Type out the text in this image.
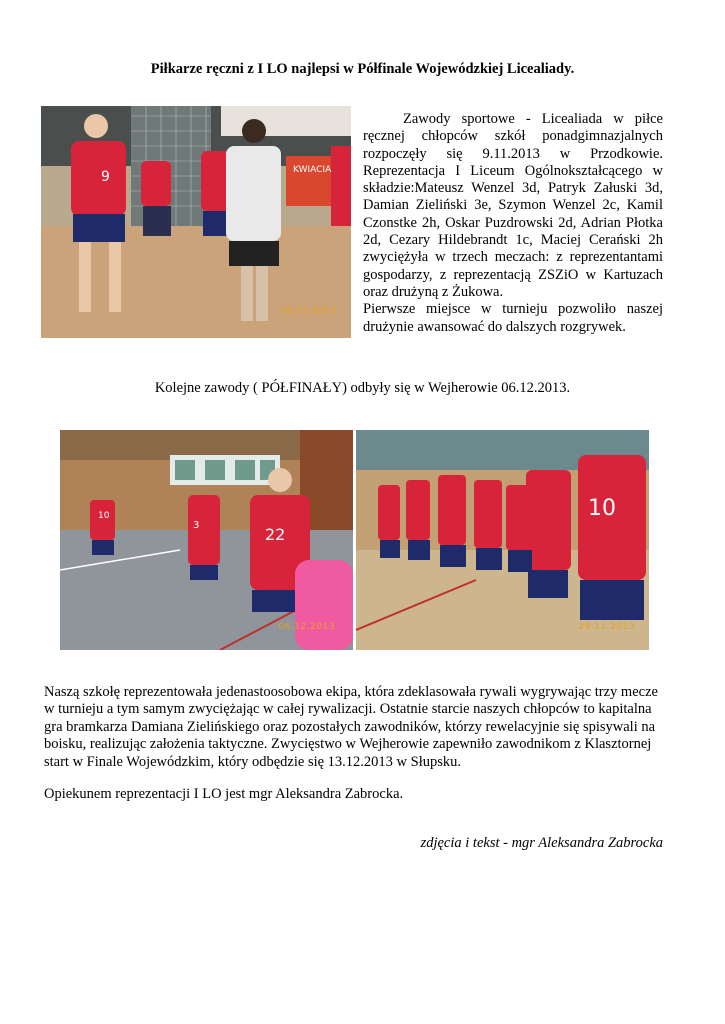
Piłkarze ręczni z I LO najlepsi w Półfinale Wojewódzkiej Licealiady.
KWIACIA
9
29.11.2013

Zawody sportowe - Licealiada w piłce ręcznej chłopców szkół ponadgimnazjalnych rozpoczęły się 9.11.2013 w Przodkowie. Reprezentacja I Liceum Ogólnokształcącego w składzie:Mateusz Wenzel 3d, Patryk Załuski 3d, Damian Zieliński 3e, Szymon Wenzel 2c, Kamil Czonstke 2h, Oskar Puzdrowski 2d, Adrian Płotka 2d, Cezary Hildebrandt 1c, Maciej Cerański 2h zwyciężyła w trzech meczach: z reprezentantami gospodarzy, z reprezentacją ZSZiO w Kartuzach oraz drużyną z Żukowa.

Pierwsze miejsce w turnieju pozwoliło naszej drużynie awansować do dalszych rozgrywek.

Kolejne zawody ( PÓŁFINAŁY) odbyły się w Wejherowie 06.12.2013.
10
3	22
06.12.2013
10
29.11.2013

Naszą szkołę reprezentowała jedenastoosobowa ekipa, która zdeklasowała rywali wygrywając trzy mecze w turnieju a tym samym zwyciężając w całej rywalizacji. Ostatnie starcie naszych chłopców to kapitalna gra bramkarza Damiana Zielińskiego oraz pozostałych zawodników, którzy rewelacyjnie się spisywali na boisku, realizując założenia taktyczne. Zwycięstwo w Wejherowie zapewniło zawodnikom z Klasztornej start w Finale Wojewódzkim, który odbędzie się 13.12.2013 w Słupsku.

Opiekunem reprezentacji I LO jest mgr Aleksandra Zabrocka.
zdjęcia i tekst - mgr Aleksandra Zabrocka
